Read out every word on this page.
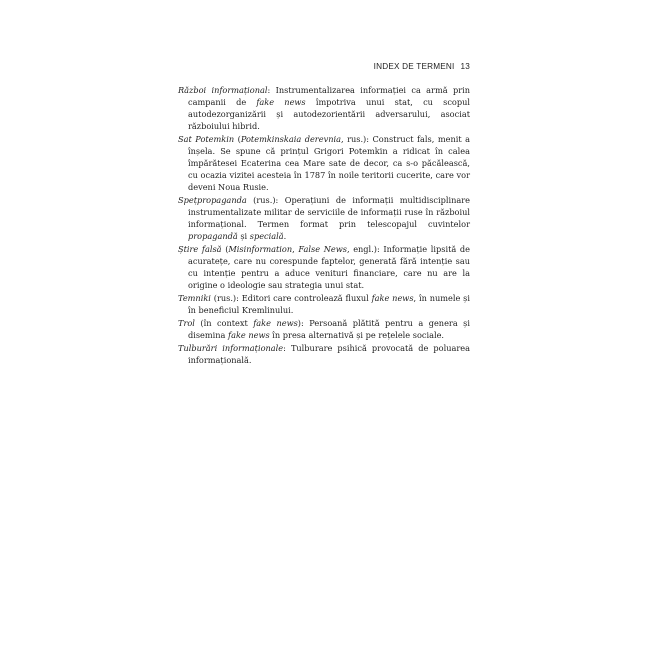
INDEX DE TERMENI 13

Război informațional: Instrumentalizarea informației ca armă prin campanii de fake news împotriva unui stat, cu scopul autodezorganizării și autodezorientării adversarului, asociat războiului hibrid.

Sat Potemkin (Potemkinskaia derevnia, rus.): Construct fals, menit a înșela. Se spune că prințul Grigori Potemkin a ridicat în calea împărătesei Ecaterina cea Mare sate de decor, ca s-o păcălească, cu ocazia vizitei acesteia în 1787 în noile teritorii cucerite, care vor deveni Noua Rusie.

Spețpropaganda (rus.): Operațiuni de informații multidisciplinare instrumentalizate militar de serviciile de informații ruse în războiul informațional. Termen format prin telescopajul cuvintelor propagandă și specială.

Știre falsă (Misinformation, False News, engl.): Informație lipsită de acuratețe, care nu corespunde faptelor, generată fără intenție sau cu intenție pentru a aduce venituri financiare, care nu are la origine o ideologie sau strategia unui stat.

Temniki (rus.): Editori care controlează fluxul fake news, în numele și în beneficiul Kremlinului.

Trol (în context fake news): Persoană plătită pentru a genera și disemina fake news în presa alternativă și pe rețelele sociale.

Tulburări informaționale: Tulburare psihică provocată de poluarea informațională.
